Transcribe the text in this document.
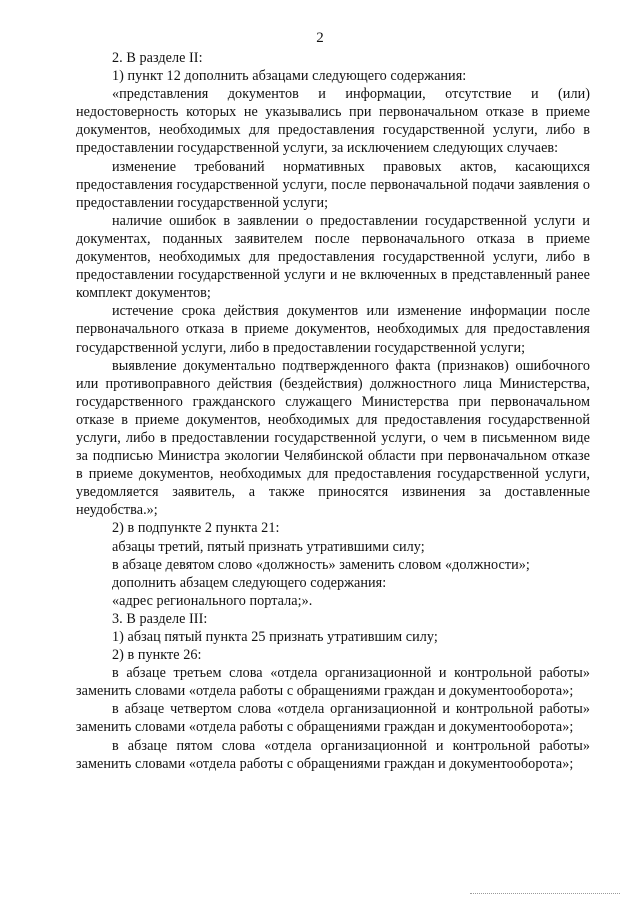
2

2. В разделе II:

1) пункт 12 дополнить абзацами следующего содержания:

«представления документов и информации, отсутствие и (или) недостоверность которых не указывались при первоначальном отказе в приеме документов, необходимых для предоставления государственной услуги, либо в предоставлении государственной услуги, за исключением следующих случаев:

изменение требований нормативных правовых актов, касающихся предоставления государственной услуги, после первоначальной подачи заявления о предоставлении государственной услуги;

наличие ошибок в заявлении о предоставлении государственной услуги и документах, поданных заявителем после первоначального отказа в приеме документов, необходимых для предоставления государственной услуги, либо в предоставлении государственной услуги и не включенных в представленный ранее комплект документов;

истечение срока действия документов или изменение информации после первоначального отказа в приеме документов, необходимых для предоставления государственной услуги, либо в предоставлении государственной услуги;

выявление документально подтвержденного факта (признаков) ошибочного или противоправного действия (бездействия) должностного лица Министерства, государственного гражданского служащего Министерства при первоначальном отказе в приеме документов, необходимых для предоставления государственной услуги, либо в предоставлении государственной услуги, о чем в письменном виде за подписью Министра экологии Челябинской области при первоначальном отказе в приеме документов, необходимых для предоставления государственной услуги, уведомляется заявитель, а также приносятся извинения за доставленные неудобства.»;

2) в подпункте 2 пункта 21:

абзацы третий, пятый признать утратившими силу;

в абзаце девятом слово «должность» заменить словом «должности»;

дополнить абзацем следующего содержания:

«адрес регионального портала;».

3. В разделе III:

1) абзац пятый пункта 25 признать утратившим силу;

2) в пункте 26:

в абзаце третьем слова «отдела организационной и контрольной работы» заменить словами «отдела работы с обращениями граждан и документооборота»;

в абзаце четвертом слова «отдела организационной и контрольной работы» заменить словами «отдела работы с обращениями граждан и документооборота»;

в абзаце пятом слова «отдела организационной и контрольной работы» заменить словами «отдела работы с обращениями граждан и документооборота»;
